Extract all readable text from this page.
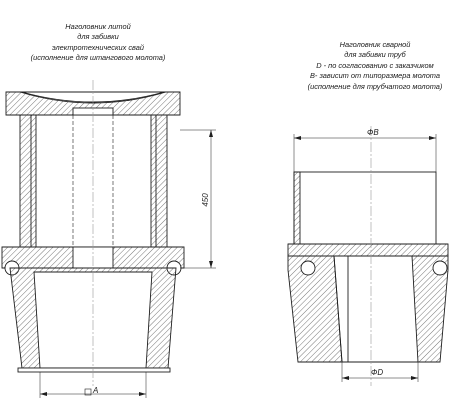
Наголовник литой
для забивки
электротехнических свай
(исполнение для штангового молота)
Наголовник сварной
для забивки труб
D - по согласованию с заказчиком
B- зависит от типоразмера молота
(исполнение для трубчатого молота)
450
A
ФB
ФD
